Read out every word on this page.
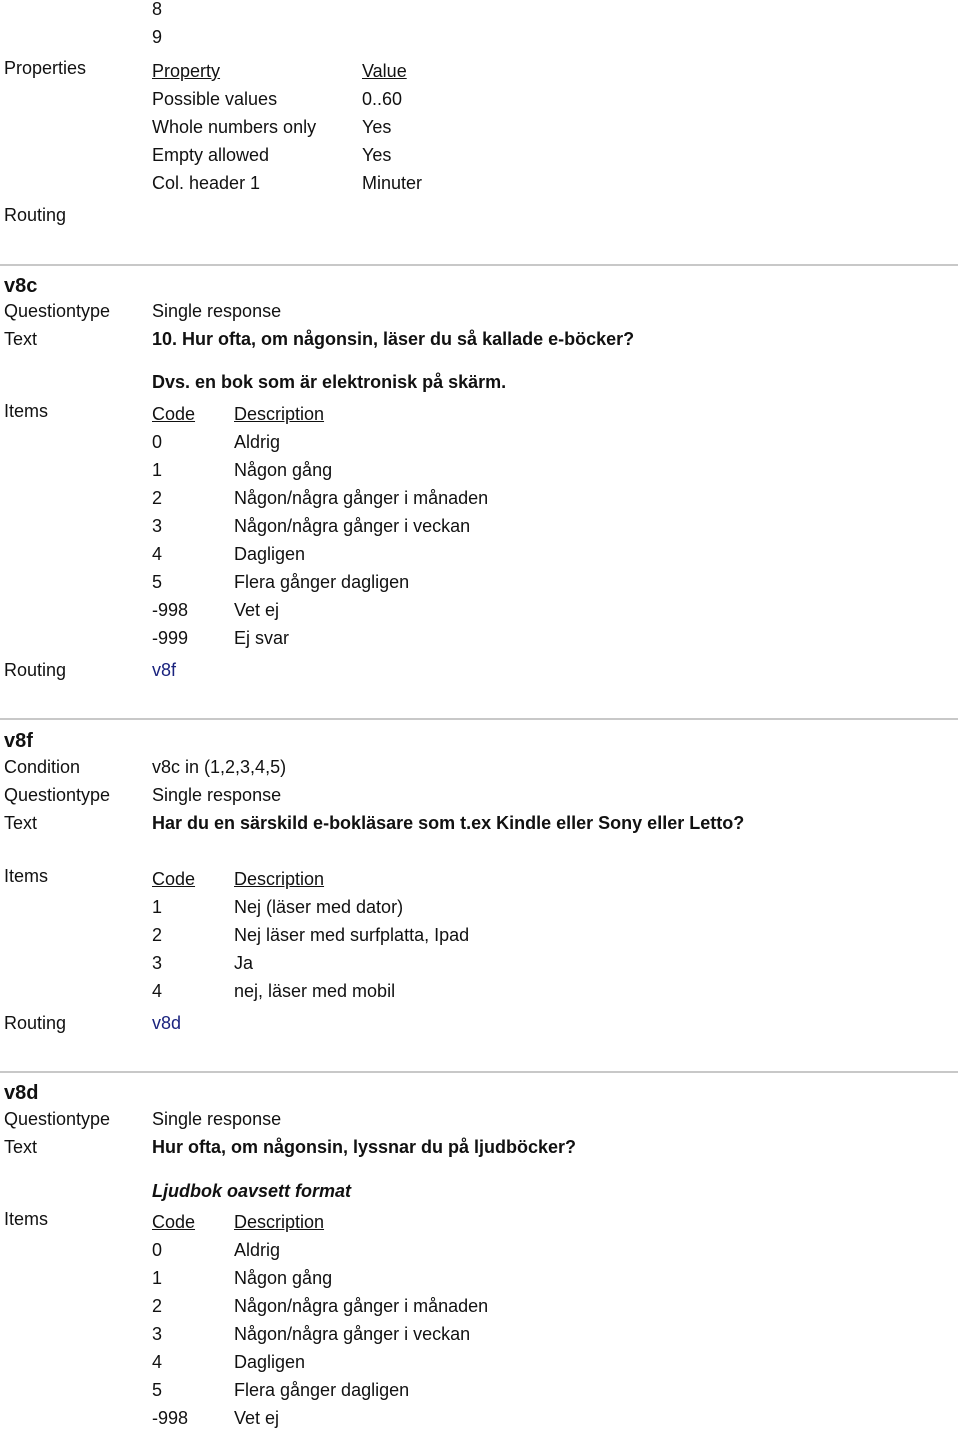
8
9
Properties	Property	Value
Possible values	0..60
Whole numbers only	Yes
Empty allowed	Yes
Col. header 1	Minuter
Routing
v8c
Questiontype Single response
Text	10. Hur ofta, om någonsin, läser du så kallade e-böcker?
Dvs. en bok som är elektronisk på skärm.
Items	Code Description
0	Aldrig
1	Någon gång
2	Någon/några gånger i månaden
3	Någon/några gånger i veckan
4	Dagligen
5	Flera gånger dagligen
-998	Vet ej
-999	Ej svar
Routing	v8f
v8f
Condition	v8c in (1,2,3,4,5)
Questiontype Single response
Text	Har du en särskild e-bokläsare som t.ex Kindle eller Sony eller Letto?
Items	Code Description
1	Nej (läser med dator)
2	Nej läser med surfplatta, Ipad
3	Ja
4	nej, läser med mobil
Routing	v8d
v8d
Questiontype Single response
Text	Hur ofta, om någonsin, lyssnar du på ljudböcker?
Ljudbok oavsett format
Items	Code Description
0	Aldrig
1	Någon gång
2	Någon/några gånger i månaden
3	Någon/några gånger i veckan
4	Dagligen
5	Flera gånger dagligen
-998	Vet ej
